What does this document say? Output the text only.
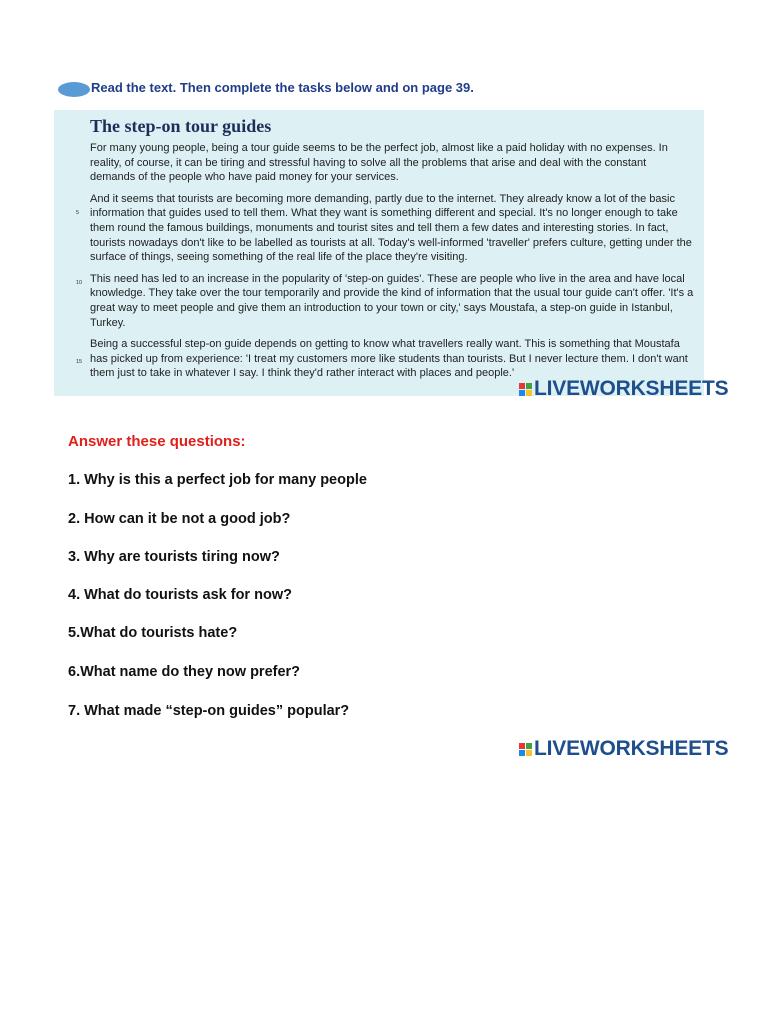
Read the text. Then complete the tasks below and on page 39.
The step-on tour guides

For many young people, being a tour guide seems to be the perfect job, almost like a paid holiday with no expenses. In reality, of course, it can be tiring and stressful having to solve all the problems that arise and deal with the constant demands of the people who have paid money for your services.

5
And it seems that tourists are becoming more demanding, partly due to the internet. They already know a lot of the basic information that guides used to tell them. What they want is something different and special. It's no longer enough to take them round the famous buildings, monuments and tourist sites and tell them a few dates and interesting stories. In fact, tourists nowadays don't like to be labelled as tourists at all. Today's well-informed 'traveller' prefers culture, getting under the surface of things, seeing something of the real life of the place they're visiting.

10 This need has led to an increase in the popularity of 'step-on guides'. These are people who live in the area and have local knowledge. They take over the tour temporarily and provide the kind of information that the usual tour guide can't offer. 'It's a great way to meet people and give them an introduction to your town or city,' says Moustafa, a step-on guide in Istanbul, Turkey.

15
Being a successful step-on guide depends on getting to know what travellers really want. This is something that Moustafa has picked up from experience: 'I treat my customers more like students than tourists. But I never lecture them. I don't want them just to take in whatever I say. I think they'd rather interact with places and people.'

LIVEWORKSHEETS
Answer these questions:
1. Why is this a perfect job for many people
2. How can it be not a good job?
3. Why are tourists tiring now?
4. What do tourists ask for now?
5.What do tourists hate?
6.What name do they now prefer?
7. What made “step-on guides” popular?
LIVEWORKSHEETS
